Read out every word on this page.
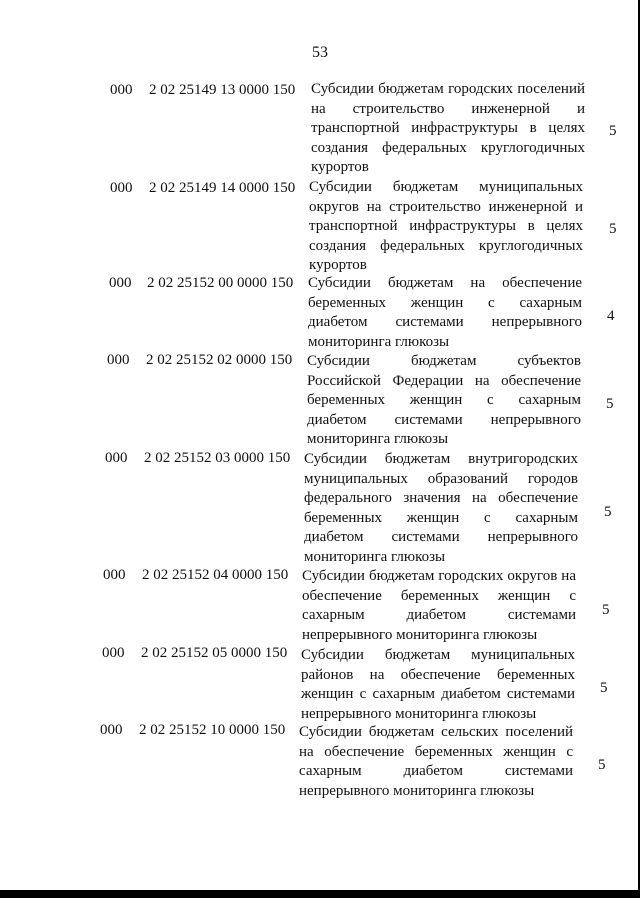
53
000 2 02 25149 13 0000 150 Субсидии бюджетам городских поселений на строительство инженерной и транспортной инфраструктуры в целях создания федеральных круглогодичных курортов
5
000 2 02 25149 14 0000 150 Субсидии бюджетам муниципальных округов на строительство инженерной и транспортной инфраструктуры в целях создания федеральных круглогодичных курортов
5
000 2 02 25152 00 0000 150 Субсидии бюджетам на обеспечение беременных женщин с сахарным диабетом системами непрерывного мониторинга глюкозы
4
000 2 02 25152 02 0000 150 Субсидии бюджетам субъектов Российской Федерации на обеспечение беременных женщин с сахарным диабетом системами непрерывного мониторинга глюкозы
5
000 2 02 25152 03 0000 150 Субсидии бюджетам внутригородских муниципальных образований городов федерального значения на обеспечение беременных женщин с сахарным диабетом системами непрерывного мониторинга глюкозы
5
000 2 02 25152 04 0000 150 Субсидии бюджетам городских округов на обеспечение беременных женщин с сахарным диабетом системами непрерывного мониторинга глюкозы
5
000 2 02 25152 05 0000 150 Субсидии бюджетам муниципальных районов на обеспечение беременных женщин с сахарным диабетом системами непрерывного мониторинга глюкозы
5
000 2 02 25152 10 0000 150 Субсидии бюджетам сельских поселений на обеспечение беременных женщин с сахарным диабетом системами непрерывного мониторинга глюкозы
5
